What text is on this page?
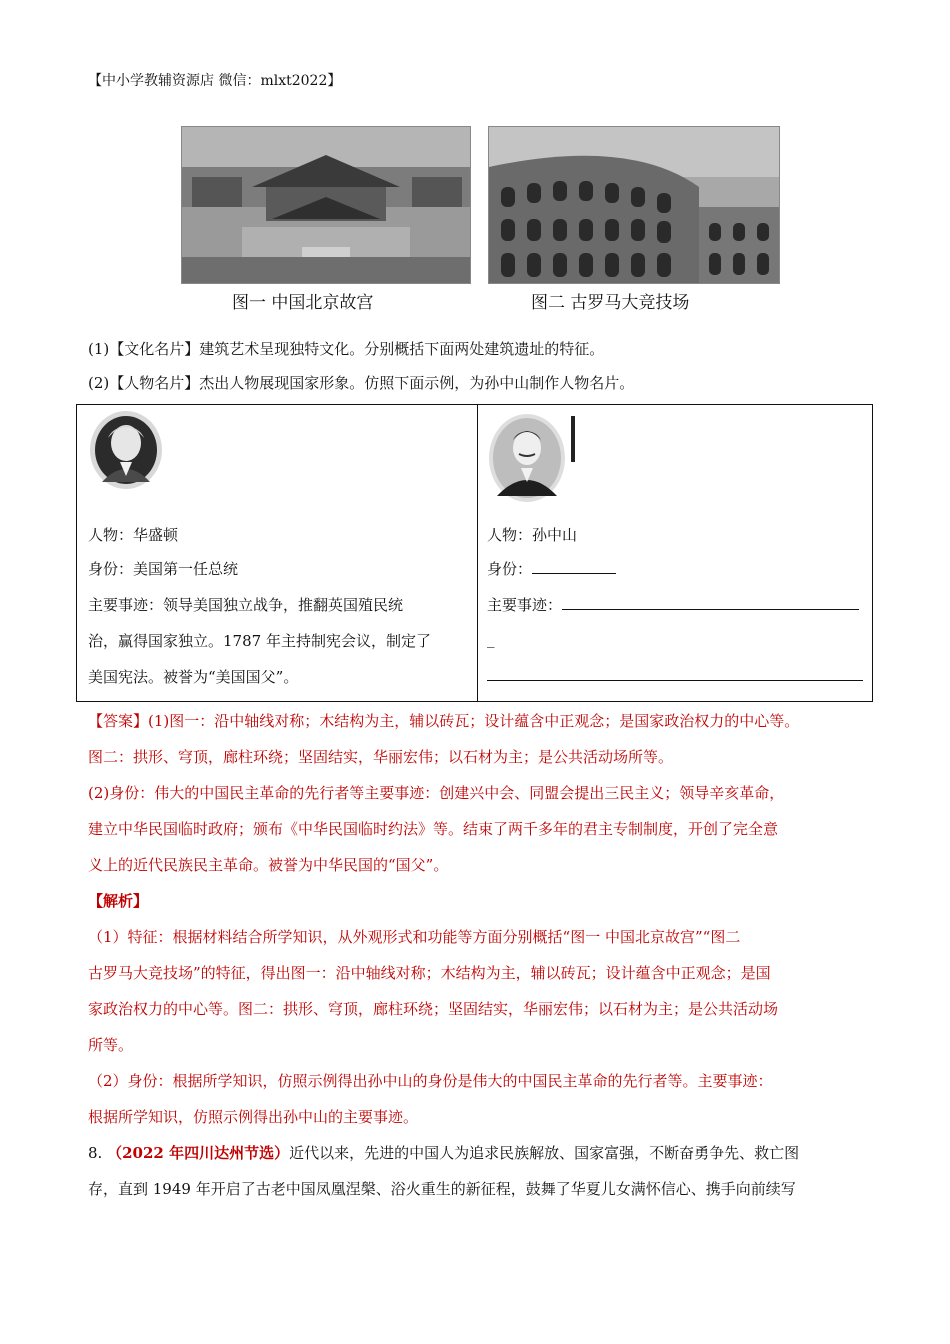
【中小学教辅资源店 微信：mlxt2022】
图一 中国北京故宫	图二 古罗马大竞技场
(1)【文化名片】建筑艺术呈现独特文化。分别概括下面两处建筑遗址的特征。
(2)【人物名片】杰出人物展现国家形象。仿照下面示例，为孙中山制作人物名片。
人物：华盛顿
身份：美国第一任总统
主要事迹：领导美国独立战争，推翻英国殖民统
治，赢得国家独立。1787 年主持制宪会议，制定了
美国宪法。被誉为“美国国父”。
人物：孙中山
身份：
主要事迹：
_
【答案】(1)图一：沿中轴线对称；木结构为主，辅以砖瓦；设计蕴含中正观念；是国家政治权力的中心等。
图二：拱形、穹顶，廊柱环绕；坚固结实，华丽宏伟；以石材为主；是公共活动场所等。
(2)身份：伟大的中国民主革命的先行者等主要事迹：创建兴中会、同盟会提出三民主义；领导辛亥革命，
建立中华民国临时政府；颁布《中华民国临时约法》等。结束了两千多年的君主专制制度，开创了完全意
义上的近代民族民主革命。被誉为中华民国的“国父”。
【解析】
（1）特征：根据材料结合所学知识，从外观形式和功能等方面分别概括“图一 中国北京故宫”“图二
古罗马大竞技场”的特征，得出图一：沿中轴线对称；木结构为主，辅以砖瓦；设计蕴含中正观念；是国
家政治权力的中心等。图二：拱形、穹顶，廊柱环绕；坚固结实，华丽宏伟；以石材为主；是公共活动场
所等。
（2）身份：根据所学知识，仿照示例得出孙中山的身份是伟大的中国民主革命的先行者等。主要事迹：
根据所学知识，仿照示例得出孙中山的主要事迹。
8. （2022 年四川达州节选）近代以来，先进的中国人为追求民族解放、国家富强，不断奋勇争先、救亡图
存，直到 1949 年开启了古老中国凤凰涅槃、浴火重生的新征程，鼓舞了华夏儿女满怀信心、携手向前续写
